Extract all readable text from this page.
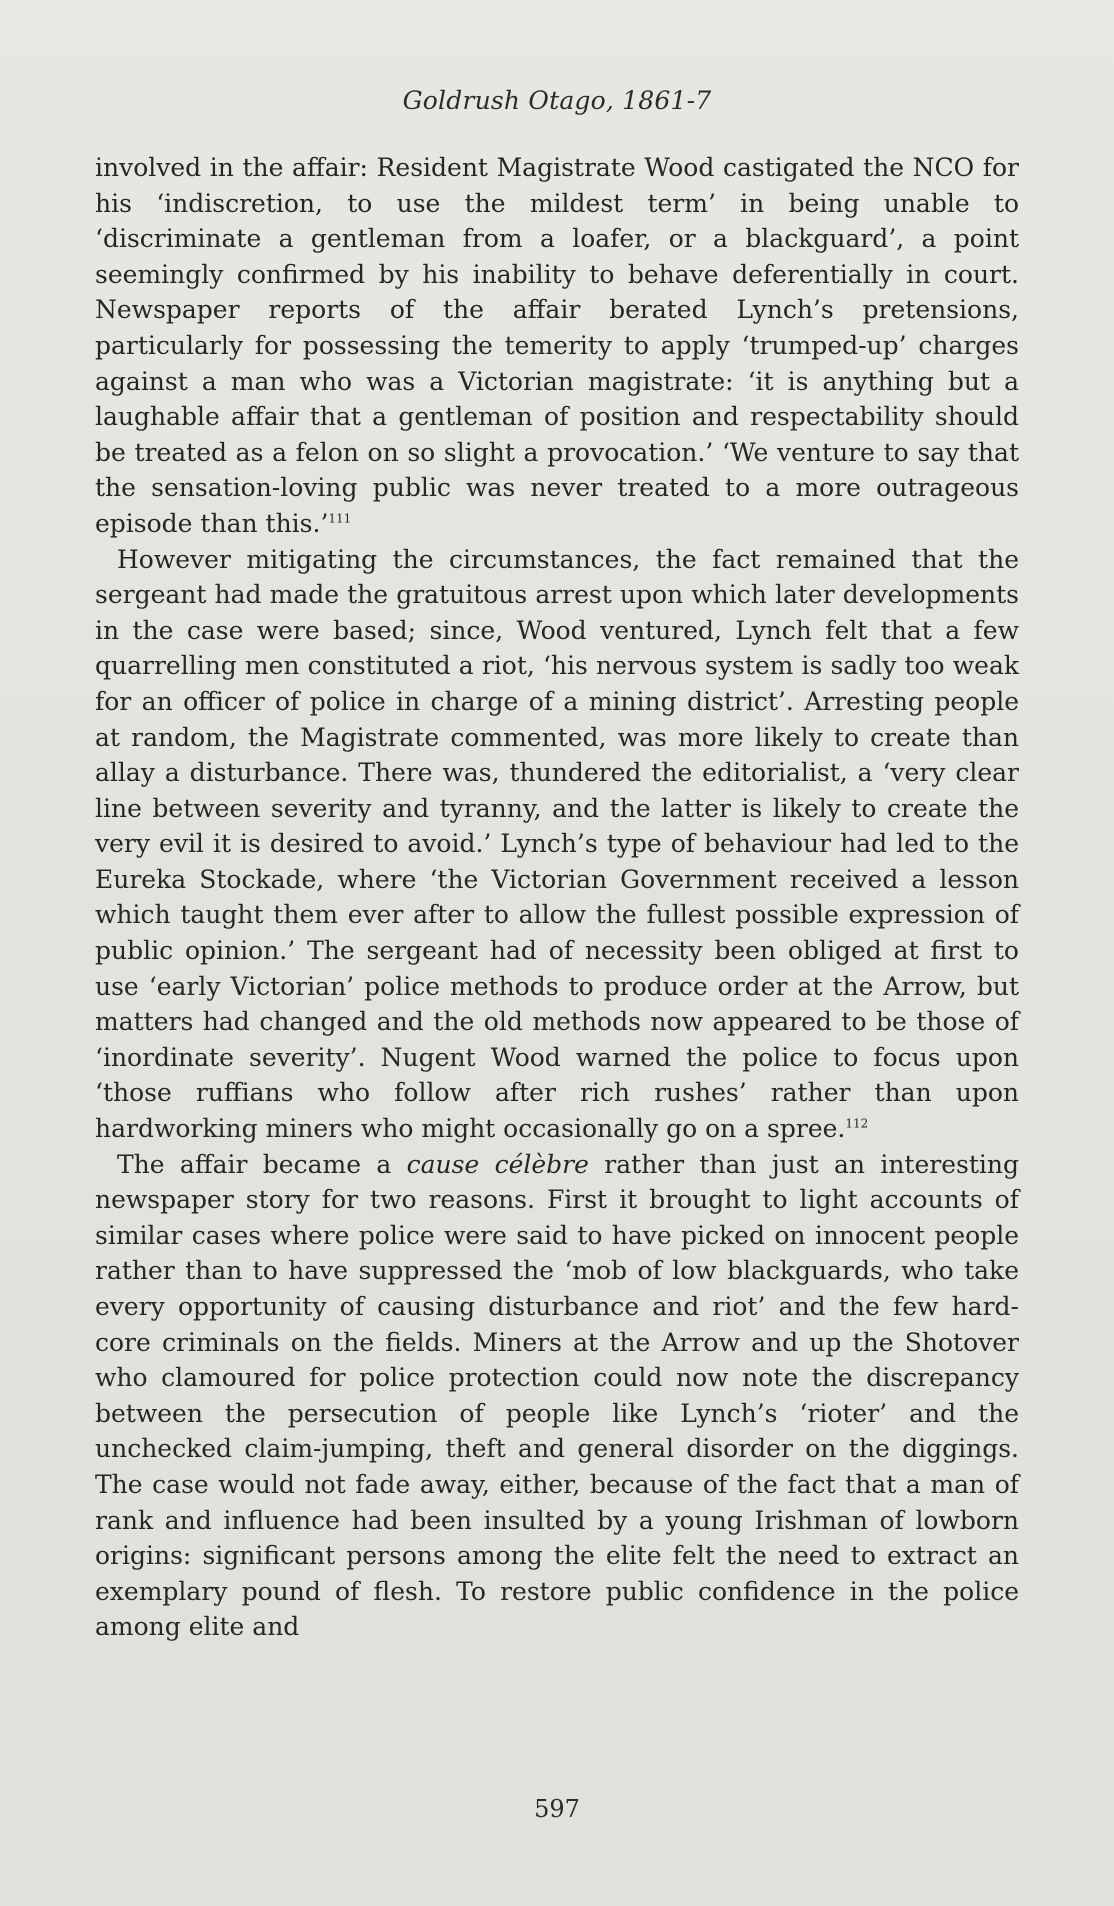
Goldrush Otago, 1861-7

involved in the affair: Resident Magistrate Wood castigated the NCO for his ‘indiscretion, to use the mildest term’ in being unable to ‘discriminate a gentleman from a loafer, or a blackguard’, a point seemingly confirmed by his inability to behave deferentially in court. Newspaper reports of the affair berated Lynch’s pretensions, particularly for possessing the temerity to apply ‘trumped-up’ charges against a man who was a Victorian magistrate: ‘it is anything but a laughable affair that a gentleman of position and respectability should be treated as a felon on so slight a provocation.’ ‘We venture to say that the sensation-loving public was never treated to a more outrageous episode than this.’$^{111}$

However mitigating the circumstances, the fact remained that the sergeant had made the gratuitous arrest upon which later developments in the case were based; since, Wood ventured, Lynch felt that a few quarrelling men constituted a riot, ‘his nervous system is sadly too weak for an officer of police in charge of a mining district’. Arresting people at random, the Magistrate commented, was more likely to create than allay a disturbance. There was, thundered the editorialist, a ‘very clear line between severity and tyranny, and the latter is likely to create the very evil it is desired to avoid.’ Lynch’s type of behaviour had led to the Eureka Stockade, where ‘the Victorian Government received a lesson which taught them ever after to allow the fullest possible expression of public opinion.’ The sergeant had of necessity been obliged at first to use ‘early Victorian’ police methods to produce order at the Arrow, but matters had changed and the old methods now appeared to be those of ‘inordinate severity’. Nugent Wood warned the police to focus upon ‘those ruffians who follow after rich rushes’ rather than upon hardworking miners who might occasionally go on a spree.$^{112}$

The affair became a cause célèbre rather than just an interesting newspaper story for two reasons. First it brought to light accounts of similar cases where police were said to have picked on innocent people rather than to have suppressed the ‘mob of low blackguards, who take every opportunity of causing disturbance and riot’ and the few hard-core criminals on the fields. Miners at the Arrow and up the Shotover who clamoured for police protection could now note the discrepancy between the persecution of people like Lynch’s ‘rioter’ and the unchecked claim-jumping, theft and general disorder on the diggings. The case would not fade away, either, because of the fact that a man of rank and influence had been insulted by a young Irishman of lowborn origins: significant persons among the elite felt the need to extract an exemplary pound of flesh. To restore public confidence in the police among elite and

597
